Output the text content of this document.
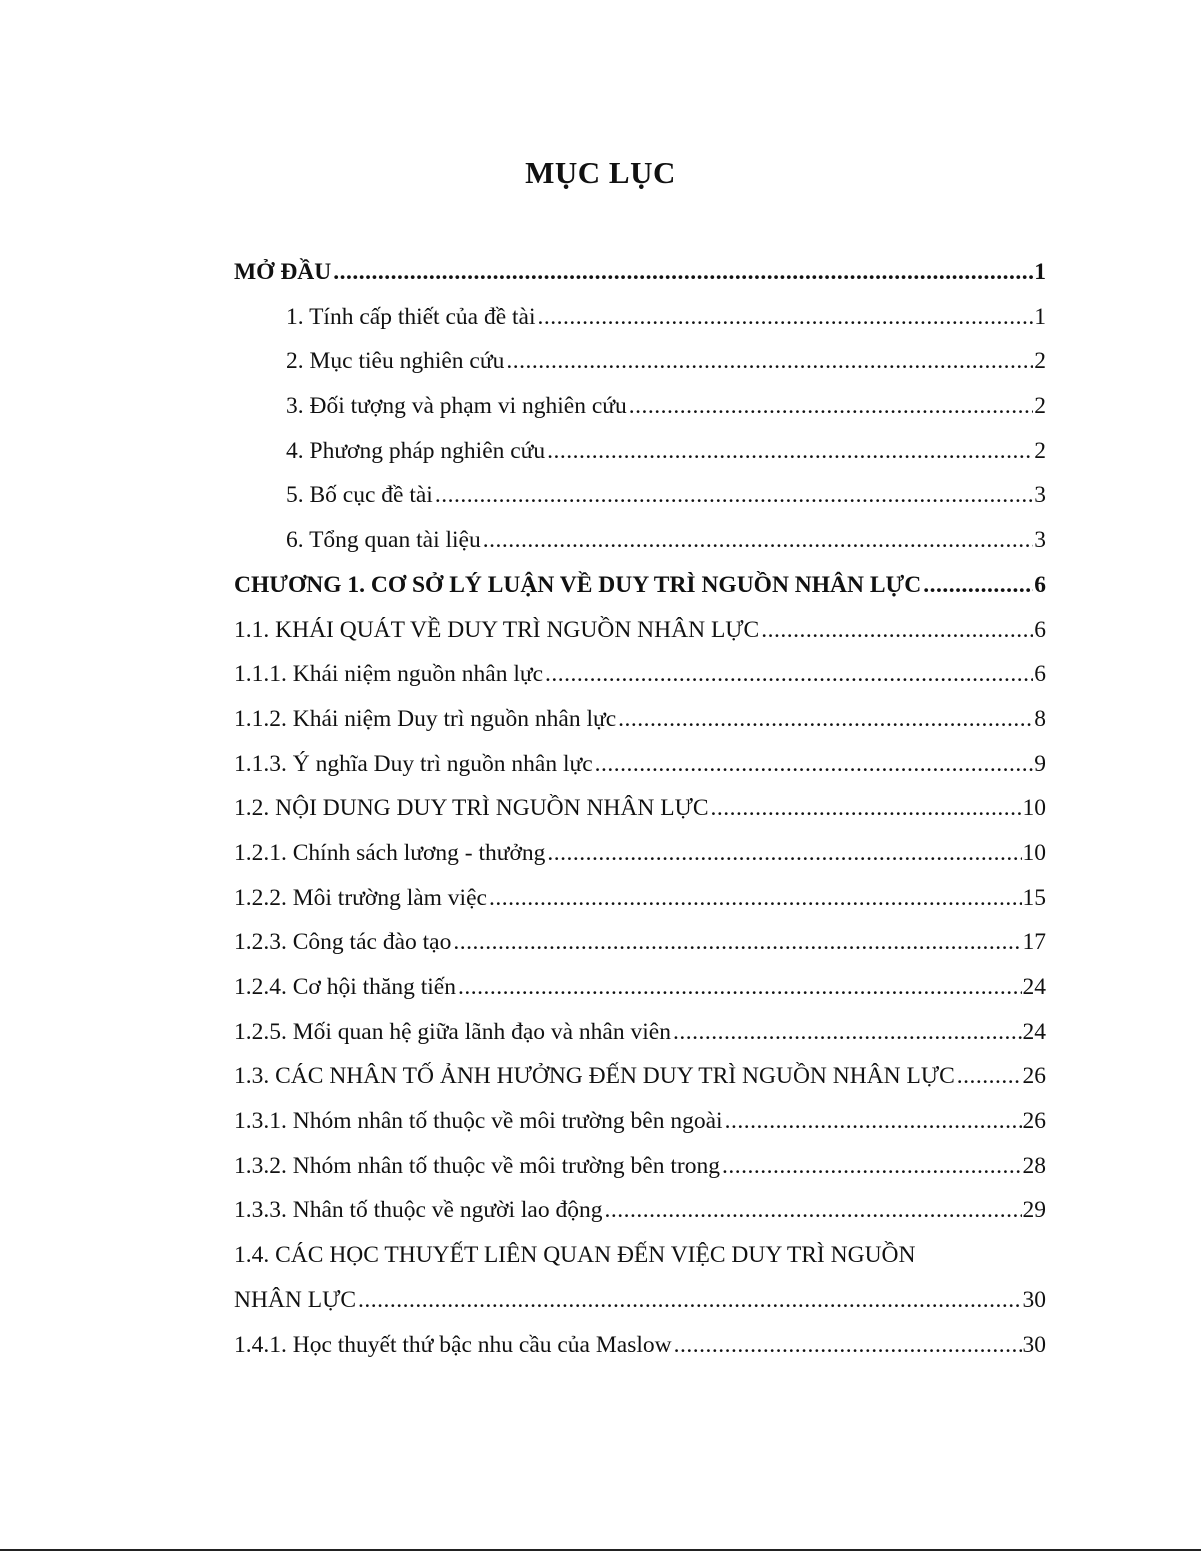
MỤC LỤC
MỞ ĐẦU .....	1
1. Tính cấp thiết của đề tài .....	1
2. Mục tiêu nghiên cứu .....	2
3. Đối tượng và phạm vi nghiên cứu .....	2
4. Phương pháp nghiên cứu .....	2
5. Bố cục đề tài .....	3
6. Tổng quan tài liệu .....	3
CHƯƠNG 1. CƠ SỞ LÝ LUẬN VỀ DUY TRÌ NGUỒN NHÂN LỰC .....	6
1.1. KHÁI QUÁT VỀ DUY TRÌ NGUỒN NHÂN LỰC .....	6
1.1.1. Khái niệm nguồn nhân lực .....	6
1.1.2. Khái niệm Duy trì nguồn nhân lực .....	8
1.1.3. Ý nghĩa Duy trì nguồn nhân lực .....	9
1.2. NỘI DUNG DUY TRÌ NGUỒN NHÂN LỰC .....	10
1.2.1. Chính sách lương - thưởng .....	10
1.2.2. Môi trường làm việc .....	15
1.2.3. Công tác đào tạo .....	17
1.2.4. Cơ hội thăng tiến .....	24
1.2.5. Mối quan hệ giữa lãnh đạo và nhân viên .....	24
1.3. CÁC NHÂN TỐ ẢNH HƯỞNG ĐẾN DUY TRÌ NGUỒN NHÂN LỰC .....	26
1.3.1. Nhóm nhân tố thuộc về môi trường bên ngoài .....	26
1.3.2. Nhóm nhân tố thuộc về môi trường bên trong .....	28
1.3.3. Nhân tố thuộc về người lao động .....	29
1.4. CÁC HỌC THUYẾT LIÊN QUAN ĐẾN VIỆC DUY TRÌ NGUỒN
NHÂN LỰC .....	30
1.4.1. Học thuyết thứ bậc nhu cầu của Maslow .....	30
